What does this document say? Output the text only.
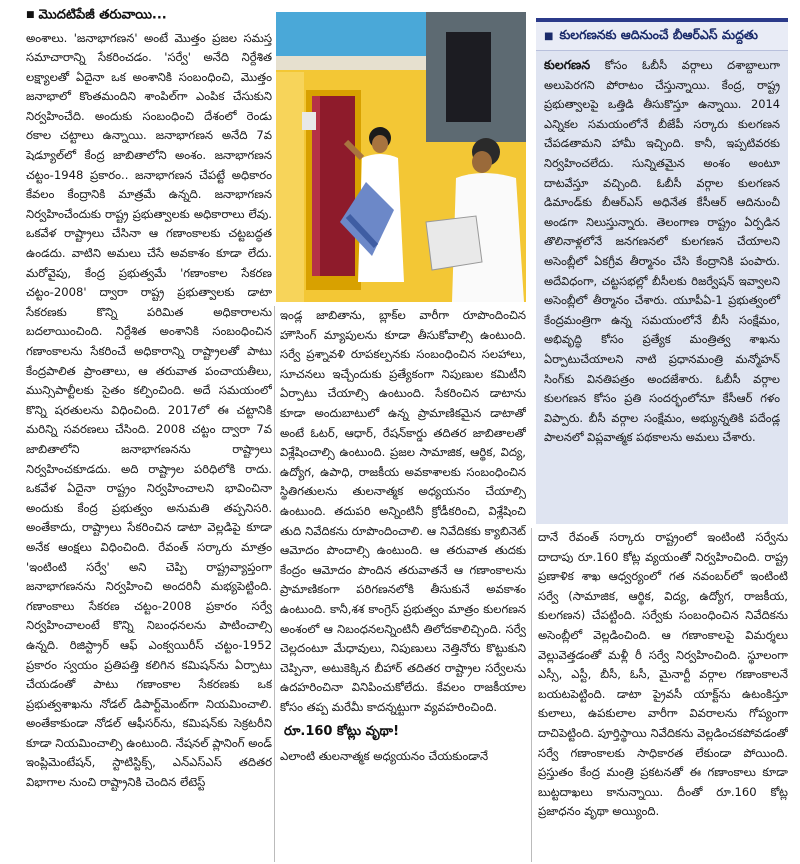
■ మొదటిపేజీ తరువాయి...

అంశాలు. 'జనాభాగణన' అంటే మొత్తం ప్రజల సమస్త సమాచారాన్ని సేకరించడం. 'సర్వే' అనేది నిర్దేశిత లక్ష్యాలతో ఏదైనా ఒక అంశానికి సంబంధించి, మొత్తం జనాభాలో కొంతమందిని శాంపిల్‌గా ఎంపిక చేసుకుని నిర్వహించేది. అందుకు సంబంధించి దేశంలో రెండు రకాల చట్టాలు ఉన్నాయి. జనాభాగణన అనేది 7వ షెడ్యూల్‌లో కేంద్ర జాబితాలోని అంశం. జనాభాగణన చట్టం-1948 ప్రకారం.. జనాభాగణన చేపట్టే అధికారం కేవలం కేంద్రానికి మాత్రమే ఉన్నది. జనాభాగణన నిర్వహించేందుకు రాష్ట్ర ప్రభుత్వాలకు అధికారాలు లేవు. ఒకవేళ రాష్ట్రాలు చేసినా ఆ గణాంకాలకు చట్టబద్ధత ఉండదు. వాటిని అమలు చేసే అవకాశం కూడా లేదు. మరోవైపు, కేంద్ర ప్రభుత్వమే 'గణాంకాల సేకరణ చట్టం-2008' ద్వారా రాష్ట్ర ప్రభుత్వాలకు డాటా సేకరణకు కొన్ని పరిమిత అధికారాలను బదలాయించింది. నిర్దేశిత అంశానికి సంబంధించిన గణాంకాలను సేకరించే అధికారాన్ని రాష్ట్రాలతో పాటు కేంద్రపాలిత ప్రాంతాలు, ఆ తరువాత పంచాయతీలు, మున్సిపాల్టీలకు సైతం కల్పించింది. అదే సమయంలో కొన్ని షరతులను విధించింది. 2017లో ఈ చట్టానికి మరిన్ని సవరణలు చేసింది. 2008 చట్టం ద్వారా 7వ జాబితాలోని జనాభాగణనను రాష్ట్రాలు నిర్వహించకూడదు. అది రాష్ట్రాల పరిధిలోకి రాదు. ఒకవేళ ఏదైనా రాష్ట్రం నిర్వహించాలని భావించినా అందుకు కేంద్ర ప్రభుత్వం అనుమతి తప్పనిసరి. అంతేకాదు, రాష్ట్రాలు సేకరించిన డాటా వెల్లడిపై కూడా అనేక ఆంక్షలు విధించింది. రేవంత్ సర్కారు మాత్రం 'ఇంటింటి సర్వే' అని చెప్పి రాష్ట్రవ్యాప్తంగా జనాభాగణనను నిర్వహించి అందరినీ మభ్యపెట్టింది. గణాంకాలు సేకరణ చట్టం-2008 ప్రకారం సర్వే నిర్వహించాలంటే కొన్ని నిబంధనలను పాటించాల్సి ఉన్నది. రిజిస్ట్రార్ ఆఫ్ ఎంక్వయిరీస్ చట్టం-1952 ప్రకారం స్వయం ప్రతిపత్తి కలిగిన కమిషన్‌ను ఏర్పాటు చేయడంతో పాటు గణాంకాల సేకరణకు ఒక ప్రభుత్వశాఖను నోడల్ డిపార్ట్‌మెంట్‌గా నియమించాలి. అంతేకాకుండా నోడల్ ఆఫీసర్‌ను, కమిషన్‌కు సెక్రటరీని కూడా నియమించాల్సి ఉంటుంది. నేషనల్ ప్లానింగ్ అండ్ ఇంప్లిమెంటేషన్, స్టాటిస్టిక్స్, ఎన్‌ఎస్‌ఎస్‌ తదితర విభాగాల నుంచి రాష్ట్రానికి చెందిన లేటెస్ట్

ఇండ్ల జాబితాను, బ్లాక్‌ల వారీగా రూపొందించిన హౌసింగ్ మ్యాపులను కూడా తీసుకోవాల్సి ఉంటుంది. సర్వే ప్రశ్నావళి రూపకల్పనకు సంబంధించిన సలహాలు, సూచనలు ఇచ్చేందుకు ప్రత్యేకంగా నిపుణుల కమిటీని ఏర్పాటు చేయాల్సి ఉంటుంది. సేకరించిన డాటాను కూడా అందుబాటులో ఉన్న ప్రామాణికమైన డాటాతో అంటే ఓటర్, ఆధార్, రేషన్‌కార్డు తదితర జాబితాలతో విశ్లేషించాల్సి ఉంటుంది. ప్రజల సామాజిక, ఆర్థిక, విద్య, ఉద్యోగ, ఉపాధి, రాజకీయ అవకాశాలకు సంబంధించిన స్థితిగతులను తులనాత్మక అధ్యయనం చేయాల్సి ఉంటుంది. తదుపరి అన్నింటినీ క్రోడీకరించి, విశ్లేషించి తుది నివేదికను రూపొందించాలి. ఆ నివేదికకు క్యాబినెట్ ఆమోదం పొందాల్సి ఉంటుంది. ఆ తరువాత తుదకు కేంద్రం ఆమోదం పొందిన తరువాతనే ఆ గణాంకాలను ప్రామాణికంగా పరిగణనలోకి తీసుకునే అవకాశం ఉంటుంది. కానీ,శశ కాంగ్రెస్ ప్రభుత్వం మాత్రం కులగణన అంశంలో ఆ నిబంధనలన్నింటినీ తిలోదకాలిచ్చింది. సర్వే చెల్లదంటూ మేధావులు, నిపుణులు నెత్తినోరు కొట్టుకుని చెప్పినా, అటుకెక్కిన బీహార్ తదితర రాష్ట్రాల సర్వేలను ఉదహరించినా వినిపించుకోలేదు. కేవలం రాజకీయాల కోసం తప్ప మరేమీ కాదన్నట్టుగా వ్యవహరించింది.

రూ.160 కోట్లు వృథా!

ఎలాంటి తులనాత్మక అధ్యయనం చేయకుండానే

■ కులగణనకు ఆదినుంచే బీఆర్‌ఎస్ మద్దతు

కులగణన కోసం ఓబీసీ వర్గాలు దశాబ్దాలుగా అలుపెరగని పోరాటం చేస్తున్నాయి. కేంద్ర, రాష్ట్ర ప్రభుత్వాలపై ఒత్తిడి తీసుకొస్తూ ఉన్నాయి. 2014 ఎన్నికల సమయంలోనే బీజేపీ సర్కారు కులగణన చేపడతామని హామీ ఇచ్చింది. కానీ, ఇప్పటివరకు నిర్వహించలేదు. సున్నితమైన అంశం అంటూ దాటవేస్తూ వచ్చింది. ఓబీసీ వర్గాల కులగణన డిమాండ్‌కు బీఆర్‌ఎస్ అధినేత కేసీఆర్ ఆదినుంచీ అండగా నిలుస్తున్నారు. తెలంగాణ రాష్ట్రం ఏర్పడిన తొలినాళ్లలోనే జనగణనలో కులగణన చేయాలని అసెంబ్లీలో ఏకగ్రీవ తీర్మానం చేసి కేంద్రానికి పంపారు. అదేవిధంగా, చట్టసభల్లో బీసీలకు రిజర్వేషన్ ఇవ్వాలని అసెంబ్లీలో తీర్మానం చేశారు. యూపీఏ-1 ప్రభుత్వంలో కేంద్రమంత్రిగా ఉన్న సమయంలోనే బీసీ సంక్షేమం, అభివృద్ధి కోసం ప్రత్యేక మంత్రిత్వ శాఖను ఏర్పాటుచేయాలని నాటి ప్రధానమంత్రి మన్మోహన్ సింగ్‌కు వినతిపత్రం అందజేశారు. ఓబీసీ వర్గాల కులగణన కోసం ప్రతి సందర్భంలోనూ కేసీఆర్ గళం విప్పారు. బీసీ వర్గాల సంక్షేమం, అభ్యున్నతికి పదేండ్ల పాలనలో విప్లవాత్మక పథకాలను అమలు చేశారు.

దానే రేవంత్ సర్కారు రాష్ట్రంలో ఇంటింటి సర్వేను దాదాపు రూ.160 కోట్ల వ్యయంతో నిర్వహించింది. రాష్ట్ర ప్రణాళిక శాఖ ఆధ్వర్యంలో గత నవంబర్‌లో ఇంటింటి సర్వే (సామాజిక, ఆర్థిక, విద్య, ఉద్యోగ, రాజకీయ, కులగణన) చేపట్టింది. సర్వేకు సంబంధించిన నివేదికను అసెంబ్లీలో వెల్లడించింది. ఆ గణాంకాలపై విమర్శలు వెల్లువెత్తడంతో మళ్లీ రీ సర్వే నిర్వహించింది. స్థూలంగా ఎస్సీ, ఎస్టీ, బీసీ, ఓసీ, మైనార్టీ వర్గాల గణాంకాలనే బయటపెట్టింది. డాటా ప్రైవసీ యాక్ట్‌ను ఉటంకిస్తూ కులాలు, ఉపకులాల వారీగా వివరాలను గోప్యంగా దాచిపెట్టింది. పూర్తిస్థాయి నివేదికను వెల్లడించకపోవడంతో సర్వే గణాంకాలకు సాధికారత లేకుండా పోయింది. ప్రస్తుతం కేంద్ర మంత్రి ప్రకటనతో ఈ గణాంకాలు కూడా బుట్టదాఖలు కానున్నాయి. దీంతో రూ.160 కోట్ల ప్రజాధనం వృథా అయ్యింది.
